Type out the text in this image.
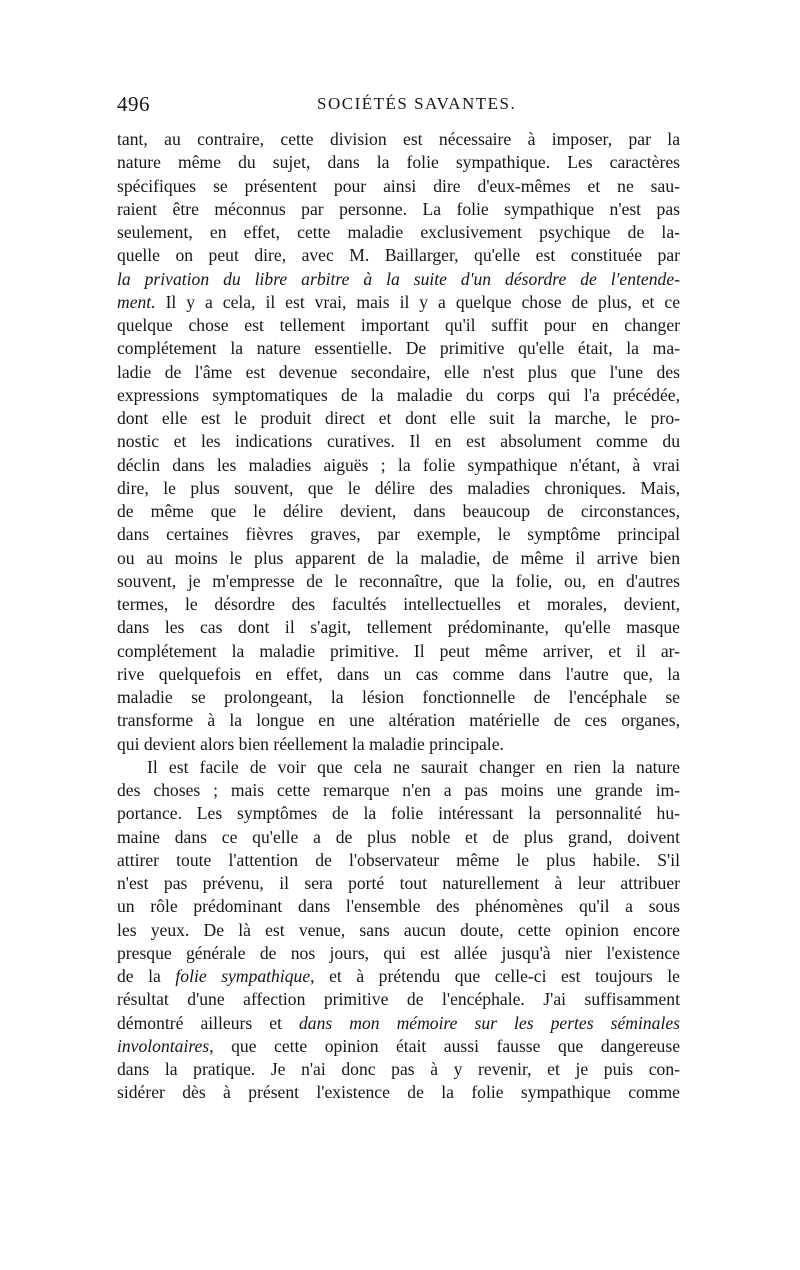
496	SOCIÉTÉS SAVANTES.
tant, au contraire, cette division est nécessaire à imposer, par la
nature même du sujet, dans la folie sympathique. Les caractères
spécifiques se présentent pour ainsi dire d'eux-mêmes et ne sau-
raient être méconnus par personne. La folie sympathique n'est pas
seulement, en effet, cette maladie exclusivement psychique de la-
quelle on peut dire, avec M. Baillarger, qu'elle est constituée par
la privation du libre arbitre à la suite d'un désordre de l'entende-
ment. Il y a cela, il est vrai, mais il y a quelque chose de plus, et ce
quelque chose est tellement important qu'il suffit pour en changer
complétement la nature essentielle. De primitive qu'elle était, la ma-
ladie de l'âme est devenue secondaire, elle n'est plus que l'une des
expressions symptomatiques de la maladie du corps qui l'a précédée,
dont elle est le produit direct et dont elle suit la marche, le pro-
nostic et les indications curatives. Il en est absolument comme du
déclin dans les maladies aiguës ; la folie sympathique n'étant, à vrai
dire, le plus souvent, que le délire des maladies chroniques. Mais,
de même que le délire devient, dans beaucoup de circonstances,
dans certaines fièvres graves, par exemple, le symptôme principal
ou au moins le plus apparent de la maladie, de même il arrive bien
souvent, je m'empresse de le reconnaître, que la folie, ou, en d'autres
termes, le désordre des facultés intellectuelles et morales, devient,
dans les cas dont il s'agit, tellement prédominante, qu'elle masque
complétement la maladie primitive. Il peut même arriver, et il ar-
rive quelquefois en effet, dans un cas comme dans l'autre que, la
maladie se prolongeant, la lésion fonctionnelle de l'encéphale se
transforme à la longue en une altération matérielle de ces organes,
qui devient alors bien réellement la maladie principale.
Il est facile de voir que cela ne saurait changer en rien la nature
des choses ; mais cette remarque n'en a pas moins une grande im-
portance. Les symptômes de la folie intéressant la personnalité hu-
maine dans ce qu'elle a de plus noble et de plus grand, doivent
attirer toute l'attention de l'observateur même le plus habile. S'il
n'est pas prévenu, il sera porté tout naturellement à leur attribuer
un rôle prédominant dans l'ensemble des phénomènes qu'il a sous
les yeux. De là est venue, sans aucun doute, cette opinion encore
presque générale de nos jours, qui est allée jusqu'à nier l'existence
de la folie sympathique, et à prétendu que celle-ci est toujours le
résultat d'une affection primitive de l'encéphale. J'ai suffisamment
démontré ailleurs et dans mon mémoire sur les pertes séminales
involontaires, que cette opinion était aussi fausse que dangereuse
dans la pratique. Je n'ai donc pas à y revenir, et je puis con-
sidérer dès à présent l'existence de la folie sympathique comme
